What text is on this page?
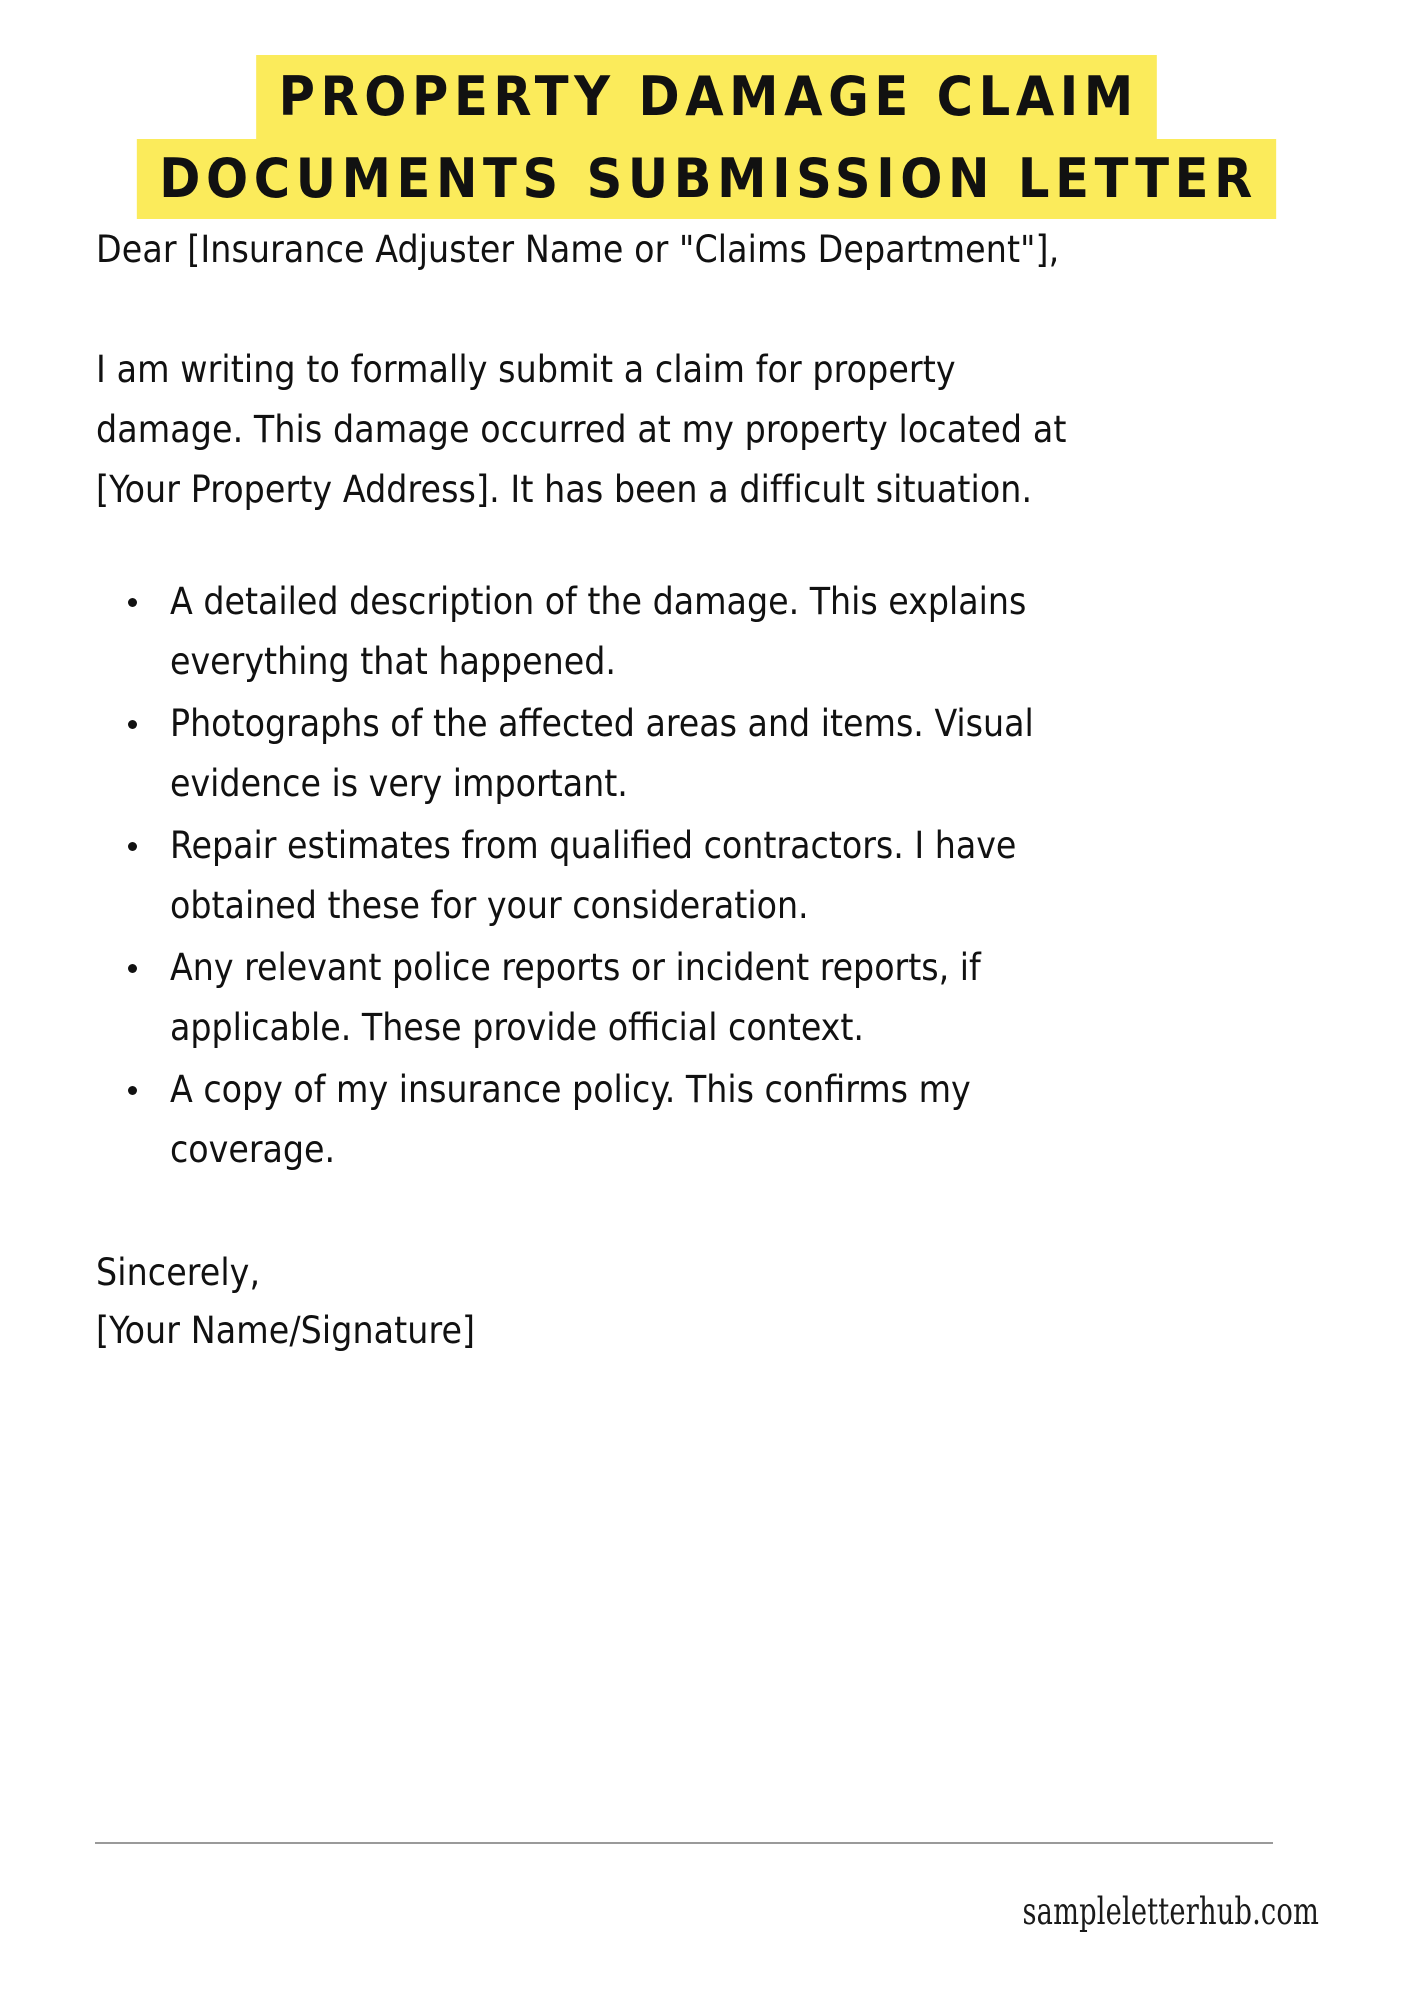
PROPERTY DAMAGE CLAIM
DOCUMENTS SUBMISSION LETTER

Dear [Insurance Adjuster Name or "Claims Department"],

I am writing to formally submit a claim for property damage. This damage occurred at my property located at [Your Property Address]. It has been a difficult situation.

A detailed description of the damage. This explains everything that happened.
Photographs of the affected areas and items. Visual evidence is very important.
Repair estimates from qualified contractors. I have obtained these for your consideration.
Any relevant police reports or incident reports, if applicable. These provide official context.
A copy of my insurance policy. This confirms my coverage.

Sincerely,

[Your Name/Signature]

sampleletterhub.com
